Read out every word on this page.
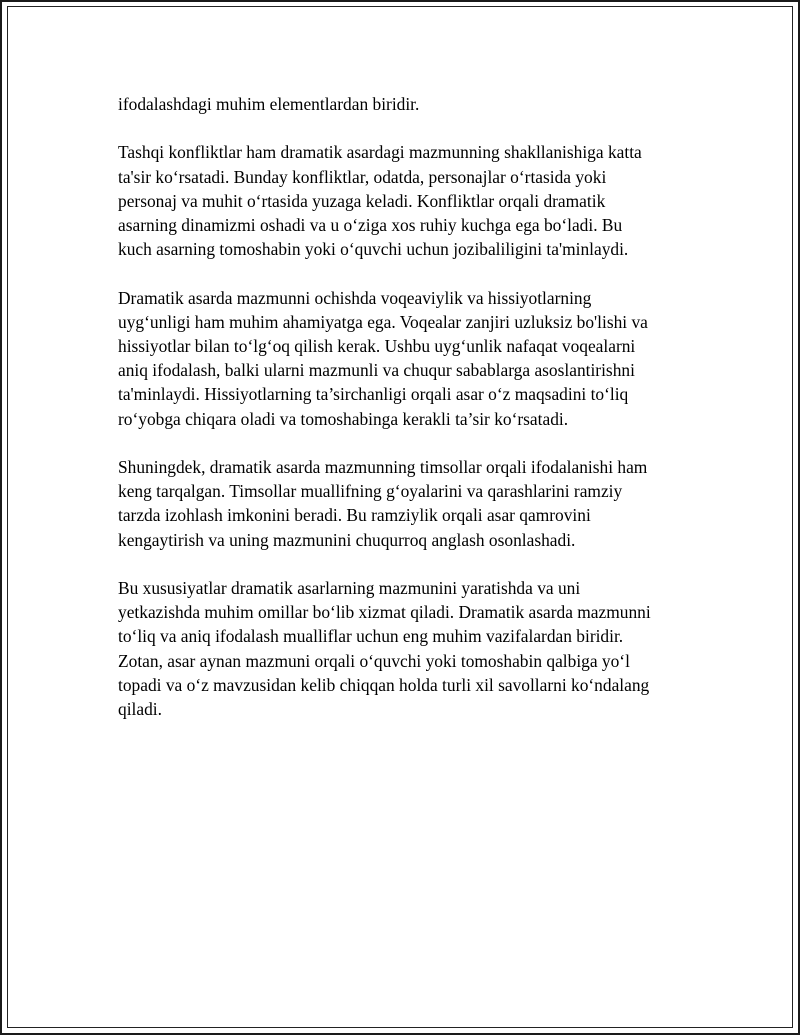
ifodalashdagi muhim elementlardan biridir.

Tashqi konfliktlar ham dramatik asardagi mazmunning shakllanishiga katta
ta'sir ko‘rsatadi. Bunday konfliktlar, odatda, personajlar o‘rtasida yoki
personaj va muhit o‘rtasida yuzaga keladi. Konfliktlar orqali dramatik
asarning dinamizmi oshadi va u o‘ziga xos ruhiy kuchga ega bo‘ladi. Bu
kuch asarning tomoshabin yoki o‘quvchi uchun jozibaliligini ta'minlaydi.

Dramatik asarda mazmunni ochishda voqeaviylik va hissiyotlarning
uyg‘unligi ham muhim ahamiyatga ega. Voqealar zanjiri uzluksiz bo'lishi va
hissiyotlar bilan to‘lg‘oq qilish kerak. Ushbu uyg‘unlik nafaqat voqealarni
aniq ifodalash, balki ularni mazmunli va chuqur sabablarga asoslantirishni
ta'minlaydi. Hissiyotlarning ta’sirchanligi orqali asar o‘z maqsadini to‘liq
ro‘yobga chiqara oladi va tomoshabinga kerakli ta’sir ko‘rsatadi.

Shuningdek, dramatik asarda mazmunning timsollar orqali ifodalanishi ham
keng tarqalgan. Timsollar muallifning g‘oyalarini va qarashlarini ramziy
tarzda izohlash imkonini beradi. Bu ramziylik orqali asar qamrovini
kengaytirish va uning mazmunini chuqurroq anglash osonlashadi.

Bu xususiyatlar dramatik asarlarning mazmunini yaratishda va uni
yetkazishda muhim omillar bo‘lib xizmat qiladi. Dramatik asarda mazmunni
to‘liq va aniq ifodalash mualliflar uchun eng muhim vazifalardan biridir.
Zotan, asar aynan mazmuni orqali o‘quvchi yoki tomoshabin qalbiga yo‘l
topadi va o‘z mavzusidan kelib chiqqan holda turli xil savollarni ko‘ndalang
qiladi.
